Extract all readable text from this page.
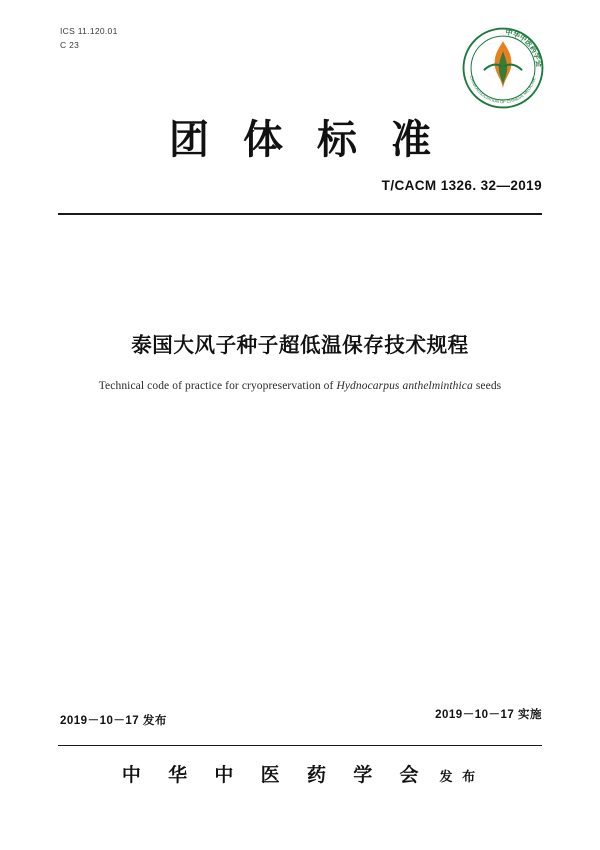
ICS 11.120.01
C 23
中华中医药学会
CHINA ASSOCIATION OF CHINESE MEDICINE
团体标准
T/CACM 1326. 32—2019
泰国大风子种子超低温保存技术规程
Technical code of practice for cryopreservation of Hydnocarpus anthelminthica seeds
2019－10－17 发布	2019－10－17 实施
中 华 中 医 药 学 会 发 布
